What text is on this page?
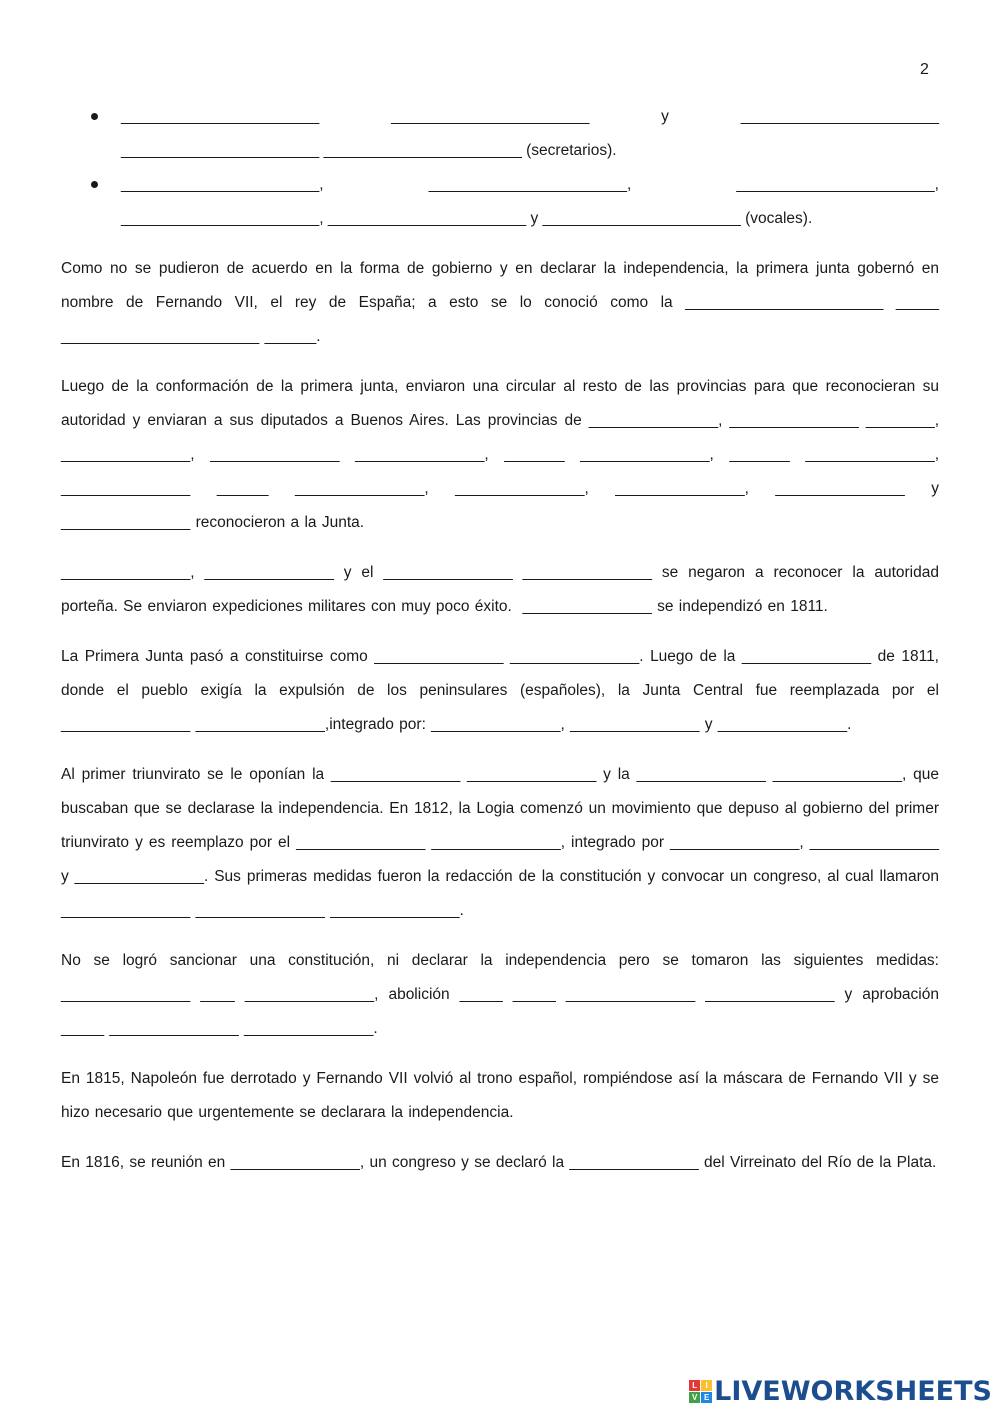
2
_______________________	_______________________	y	_______________________
_______________________ _______________________ (secretarios).
_______________________,	_______________________,	_______________________,
_______________________, _______________________ y _______________________ (vocales).

Como no se pudieron de acuerdo en la forma de gobierno y en declarar la independencia, la primera junta gobernó en nombre de Fernando VII, el rey de España; a esto se lo conoció como la _______________________ _____ _______________________ ______.

Luego de la conformación de la primera junta, enviaron una circular al resto de las provincias para que reconocieran su autoridad y enviaran a sus diputados a Buenos Aires. Las provincias de _______________, _______________ ________, _______________, _______________ _______________, _______ _______________, _______ _______________, _______________ ______ _______________, _______________, _______________, _______________ y _______________ reconocieron a la Junta.

_______________, _______________ y el _______________ _______________ se negaron a reconocer la autoridad porteña. Se enviaron expediciones militares con muy poco éxito.  _______________ se independizó en 1811.

La Primera Junta pasó a constituirse como _______________ _______________. Luego de la _______________ de 1811, donde el pueblo exigía la expulsión de los peninsulares (españoles), la Junta Central fue reemplazada por el _______________ _______________,integrado por: _______________, _______________ y _______________.

Al primer triunvirato se le oponían la _______________ _______________ y la _______________ _______________, que buscaban que se declarase la independencia. En 1812, la Logia comenzó un movimiento que depuso al gobierno del primer triunvirato y es reemplazo por el _______________ _______________, integrado por _______________, _______________ y _______________. Sus primeras medidas fueron la redacción de la constitución y convocar un congreso, al cual llamaron _______________ _______________ _______________.

No se logró sancionar una constitución, ni declarar la independencia pero se tomaron las siguientes medidas: _______________ ____ _______________, abolición _____ _____ _______________ _______________ y aprobación _____ _______________ _______________.

En 1815, Napoleón fue derrotado y Fernando VII volvió al trono español, rompiéndose así la máscara de Fernando VII y se hizo necesario que urgentemente se declarara la independencia.

En 1816, se reunión en _______________, un congreso y se declaró la _______________ del Virreinato del Río de la Plata.

L	I
V E LIVEWORKSHEETS
